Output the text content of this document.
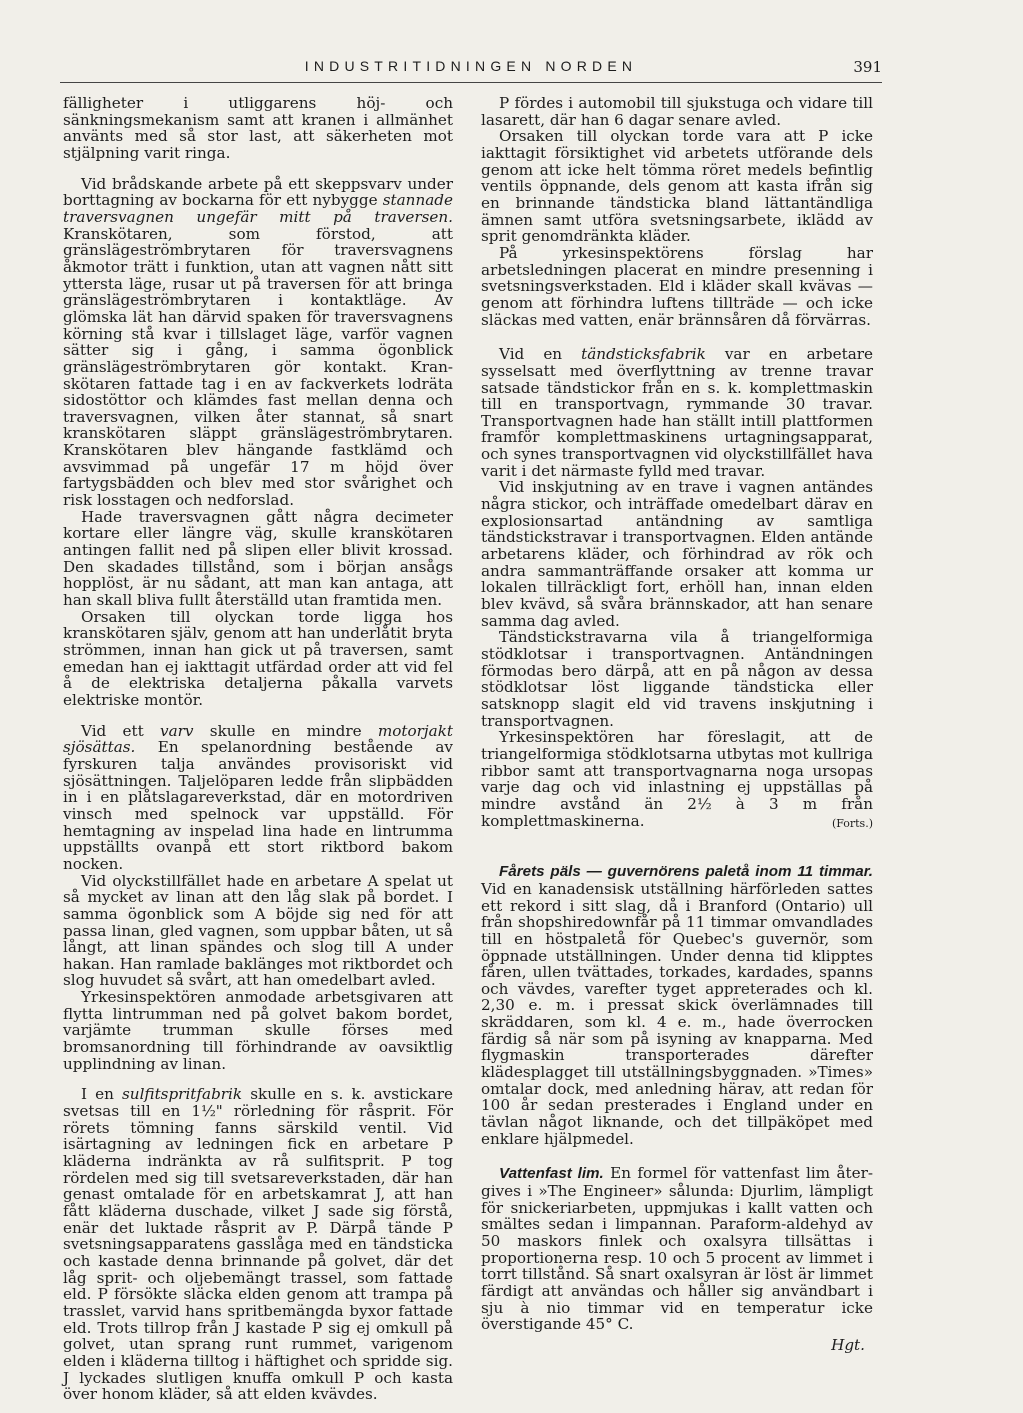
INDUSTRITIDNINGEN NORDEN	391

fälligheter i utliggarens höj- och sänkningsmekanism samt att kranen i allmänhet använts med så stor last, att säkerheten mot stjälpning varit ringa.

Vid brådskande arbete på ett skeppsvarv under borttagning av bockarna för ett nybygge stannade traversvagnen ungefär mitt på traversen. Kranskötaren, som förstod, att gränslägeströmbrytaren för traversvagnens åkmotor trätt i funktion, utan att vagnen nått sitt yttersta läge, rusar ut på traversen för att bringa gränslägeströmbrytaren i kontaktläge. Av glömska lät han därvid spaken för traversvagnens körning stå kvar i tillslaget läge, varför vagnen sätter sig i gång, i samma ögonblick gränslägeströmbrytaren gör kontakt. Kranskötaren fattade tag i en av fackverkets lodräta sidostöttor och klämdes fast mellan denna och traversvagnen, vilken åter stannat, så snart kranskötaren släppt gränslägeströmbrytaren. Kranskötaren blev hängande fastklämd och avsvimmad på ungefär 17 m höjd över fartygsbädden och blev med stor svårighet och risk losstagen och nedforslad.

Hade traversvagnen gått några decimeter kortare eller längre väg, skulle kranskötaren antingen fallit ned på slipen eller blivit krossad. Den skadades tillstånd, som i början ansågs hopplöst, är nu sådant, att man kan antaga, att han skall bliva fullt återställd utan framtida men.

Orsaken till olyckan torde ligga hos kranskötaren själv, genom att han underlåtit bryta strömmen, innan han gick ut på traversen, samt emedan han ej iakttagit utfärdad order att vid fel å de elektriska detaljerna påkalla varvets elektriske montör.

Vid ett varv skulle en mindre motorjakt sjösättas. En spelanordning bestående av fyrskuren talja användes provisoriskt vid sjösättningen. Taljelöparen ledde från slipbädden in i en plåtslagareverkstad, där en motordriven vinsch med spelnock var uppställd. För hemtagning av inspelad lina hade en lintrumma uppställts ovanpå ett stort riktbord bakom nocken.

Vid olyckstillfället hade en arbetare A spelat ut så mycket av linan att den låg slak på bordet. I samma ögonblick som A böjde sig ned för att passa linan, gled vagnen, som uppbar båten, ut så långt, att linan spändes och slog till A under hakan. Han ramlade baklänges mot riktbordet och slog huvudet så svårt, att han omedelbart avled.

Yrkesinspektören anmodade arbetsgivaren att flytta lintrumman ned på golvet bakom bordet, varjämte trumman skulle förses med bromsanordning till förhindrande av oavsiktlig upplindning av linan.

I en sulfitspritfabrik skulle en s. k. avstickare svetsas till en 1½" rörledning för råsprit. För rörets tömning fanns särskild ventil. Vid isärtagning av ledningen fick en arbetare P kläderna indränkta av rå sulfitsprit. P tog rördelen med sig till svetsareverkstaden, där han genast omtalade för en arbetskamrat J, att han fått kläderna duschade, vilket J sade sig förstå, enär det luktade råsprit av P. Därpå tände P svetsningsapparatens gasslåga med en tändsticka och kastade denna brinnande på golvet, där det låg sprit- och oljebemängt trassel, som fattade eld. P försökte släcka elden genom att trampa på trasslet, varvid hans spritbemängda byxor fattade eld. Trots tillrop från J kastade P sig ej omkull på golvet, utan sprang runt rummet, varigenom elden i kläderna tilltog i häftighet och spridde sig. J lyckades slutligen knuffa omkull P och kasta över honom kläder, så att elden kvävdes.

P fördes i automobil till sjukstuga och vidare till lasarett, där han 6 dagar senare avled.

Orsaken till olyckan torde vara att P icke iakttagit försiktighet vid arbetets utförande dels genom att icke helt tömma röret medels befintlig ventils öppnande, dels genom att kasta ifrån sig en brinnande tändsticka bland lättantändliga ämnen samt utföra svetsningsarbete, iklädd av sprit genomdränkta kläder.

På yrkesinspektörens förslag har arbetsledningen placerat en mindre presenning i svetsningsverkstaden. Eld i kläder skall kvävas — genom att förhindra luftens tillträde — och icke släckas med vatten, enär brännsåren då förvärras.

Vid en tändsticksfabrik var en arbetare sysselsatt med överflyttning av trenne travar satsade tändstickor från en s. k. komplettmaskin till en transportvagn, rymmande 30 travar. Transportvagnen hade han ställt intill plattformen framför komplettmaskinens urtagningsapparat, och synes transportvagnen vid olyckstillfället hava varit i det närmaste fylld med travar.

Vid inskjutning av en trave i vagnen antändes några stickor, och inträffade omedelbart därav en explosionsartad antändning av samtliga tändstickstravar i transportvagnen. Elden antände arbetarens kläder, och förhindrad av rök och andra sammanträffande orsaker att komma ur lokalen tillräckligt fort, erhöll han, innan elden blev kvävd, så svåra brännskador, att han senare samma dag avled.

Tändstickstravarna vila å triangelformiga stödklotsar i transportvagnen. Antändningen förmodas bero därpå, att en på någon av dessa stödklotsar löst liggande tändsticka eller satsknopp slagit eld vid travens inskjutning i transportvagnen.

Yrkesinspektören har föreslagit, att de triangelformiga stödklotsarna utbytas mot kullriga ribbor samt att transportvagnarna noga ursopas varje dag och vid inlastning ej uppställas på mindre avstånd än 2½ à 3 m från komplettmaskinerna.	(Forts.)

Fårets päls — guvernörens paletå inom 11 timmar. Vid en kanadensisk utställning härförleden sattes ett rekord i sitt slag, då i Branford (Ontario) ull från shopshiredownfår på 11 timmar omvandlades till en höstpaletå för Quebec's guvernör, som öppnade utställningen. Under denna tid klipptes fåren, ullen tvättades, torkades, kardades, spanns och vävdes, varefter tyget appreterades och kl. 2,30 e. m. i pressat skick överlämnades till skräddaren, som kl. 4 e. m., hade överrocken färdig så när som på isyning av knapparna. Med flygmaskin transporterades därefter klädesplagget till utställningsbyggnaden. »Times» omtalar dock, med anledning härav, att redan för 100 år sedan presterades i England under en tävlan något liknande, och det tillpäköpet med enklare hjälpmedel.

Vattenfast lim. En formel för vattenfast lim återgives i »The Engineer» sålunda: Djurlim, lämpligt för snickeriarbeten, uppmjukas i kallt vatten och smältes sedan i limpannan. Paraform-aldehyd av 50 maskors finlek och oxalsyra tillsättas i proportionerna resp. 10 och 5 procent av limmet i torrt tillstånd. Så snart oxalsyran är löst är limmet färdigt att användas och håller sig användbart i sju à nio timmar vid en temperatur icke överstigande 45° C.

Hgt.
